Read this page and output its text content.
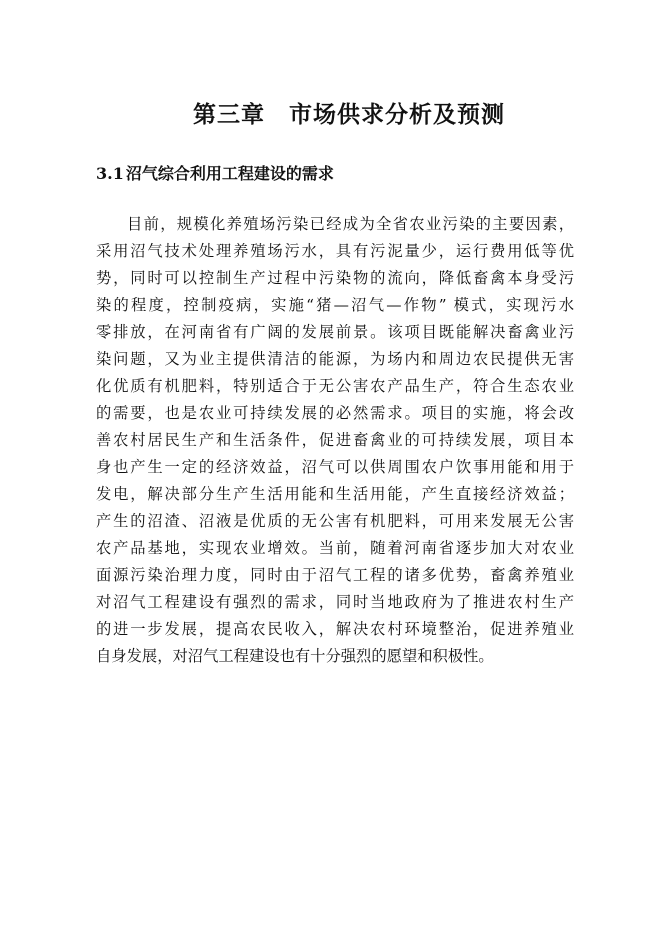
第三章 市场供求分析及预测
3.1 沼气综合利用工程建设的需求
目前，规模化养殖场污染已经成为全省农业污染的主要因素，
采用沼气技术处理养殖场污水，具有污泥量少，运行费用低等优
势，同时可以控制生产过程中污染物的流向，降低畜禽本身受污
染的程度，控制疫病，实施“猪—沼气—作物” 模式，实现污水
零排放，在河南省有广阔的发展前景。该项目既能解决畜禽业污
染问题，又为业主提供清洁的能源，为场内和周边农民提供无害
化优质有机肥料，特别适合于无公害农产品生产，符合生态农业
的需要，也是农业可持续发展的必然需求。项目的实施，将会改
善农村居民生产和生活条件，促进畜禽业的可持续发展，项目本
身也产生一定的经济效益，沼气可以供周围农户饮事用能和用于
发电，解决部分生产生活用能和生活用能，产生直接经济效益；
产生的沼渣、沼液是优质的无公害有机肥料，可用来发展无公害
农产品基地，实现农业增效。当前，随着河南省逐步加大对农业
面源污染治理力度，同时由于沼气工程的诸多优势，畜禽养殖业
对沼气工程建设有强烈的需求，同时当地政府为了推进农村生产
的进一步发展，提高农民收入，解决农村环境整治，促进养殖业
自身发展，对沼气工程建设也有十分强烈的愿望和积极性。
